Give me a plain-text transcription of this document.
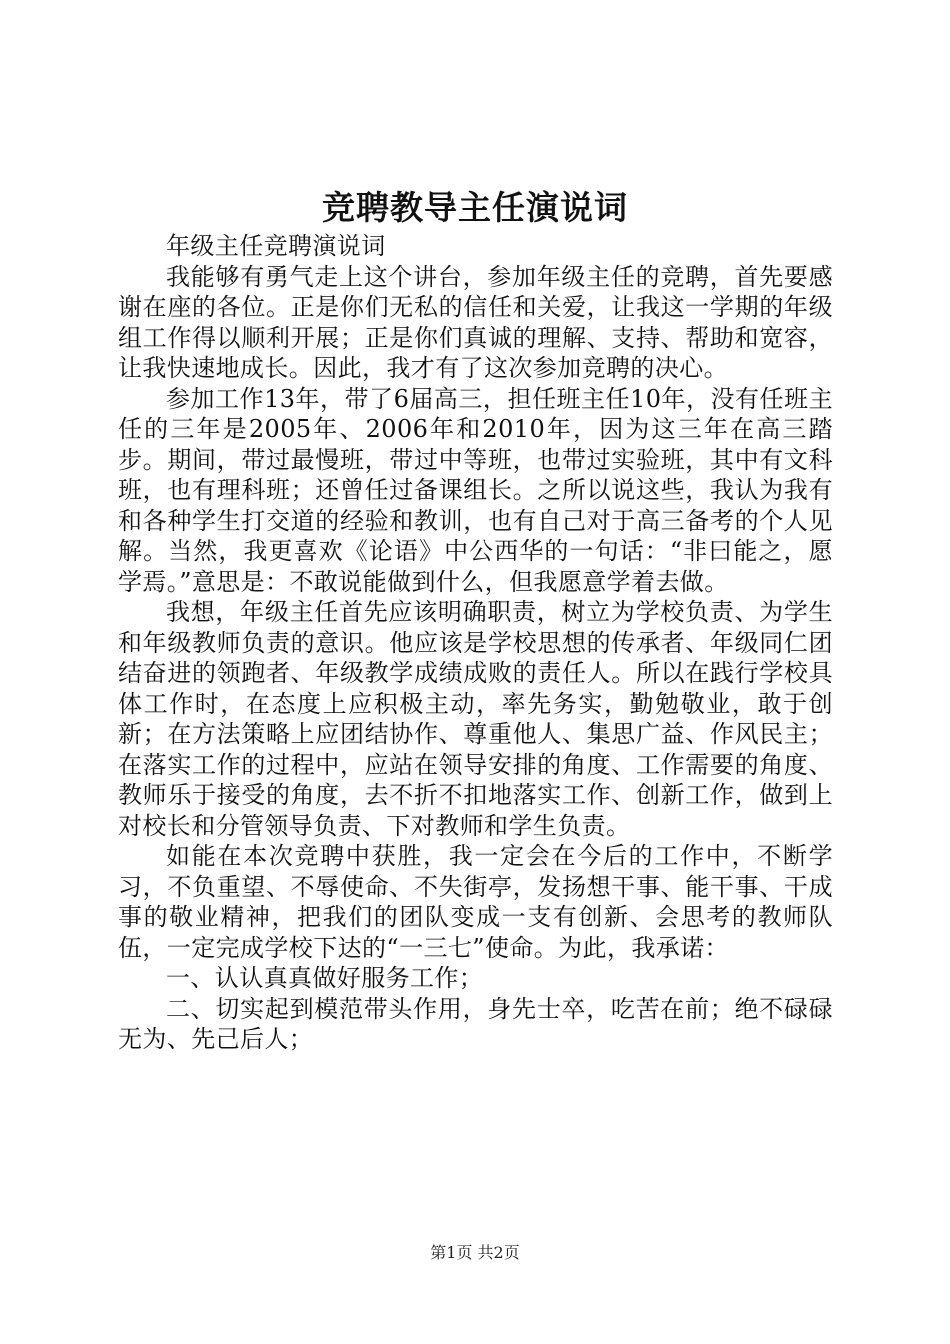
竞聘教导主任演说词

年级主任竞聘演说词

我能够有勇气走上这个讲台，参加年级主任的竞聘，首先要感谢在座的各位。正是你们无私的信任和关爱，让我这一学期的年级组工作得以顺利开展；正是你们真诚的理解、支持、帮助和宽容，让我快速地成长。因此，我才有了这次参加竞聘的决心。

参加工作13年，带了6届高三，担任班主任10年，没有任班主任的三年是2005年、2006年和2010年，因为这三年在高三踏步。期间，带过最慢班，带过中等班，也带过实验班，其中有文科班，也有理科班；还曾任过备课组长。之所以说这些，我认为我有和各种学生打交道的经验和教训，也有自己对于高三备考的个人见解。当然，我更喜欢《论语》中公西华的一句话：“非曰能之，愿学焉。”意思是：不敢说能做到什么，但我愿意学着去做。

我想，年级主任首先应该明确职责，树立为学校负责、为学生和年级教师负责的意识。他应该是学校思想的传承者、年级同仁团结奋进的领跑者、年级教学成绩成败的责任人。所以在践行学校具体工作时，在态度上应积极主动，率先务实，勤勉敬业，敢于创新；在方法策略上应团结协作、尊重他人、集思广益、作风民主；在落实工作的过程中，应站在领导安排的角度、工作需要的角度、教师乐于接受的角度，去不折不扣地落实工作、创新工作，做到上对校长和分管领导负责、下对教师和学生负责。

如能在本次竞聘中获胜，我一定会在今后的工作中，不断学习，不负重望、不辱使命、不失街亭，发扬想干事、能干事、干成事的敬业精神，把我们的团队变成一支有创新、会思考的教师队伍，一定完成学校下达的“一三七”使命。为此，我承诺：

一、认认真真做好服务工作；

二、切实起到模范带头作用，身先士卒，吃苦在前；绝不碌碌无为、先己后人；

第1页 共2页
